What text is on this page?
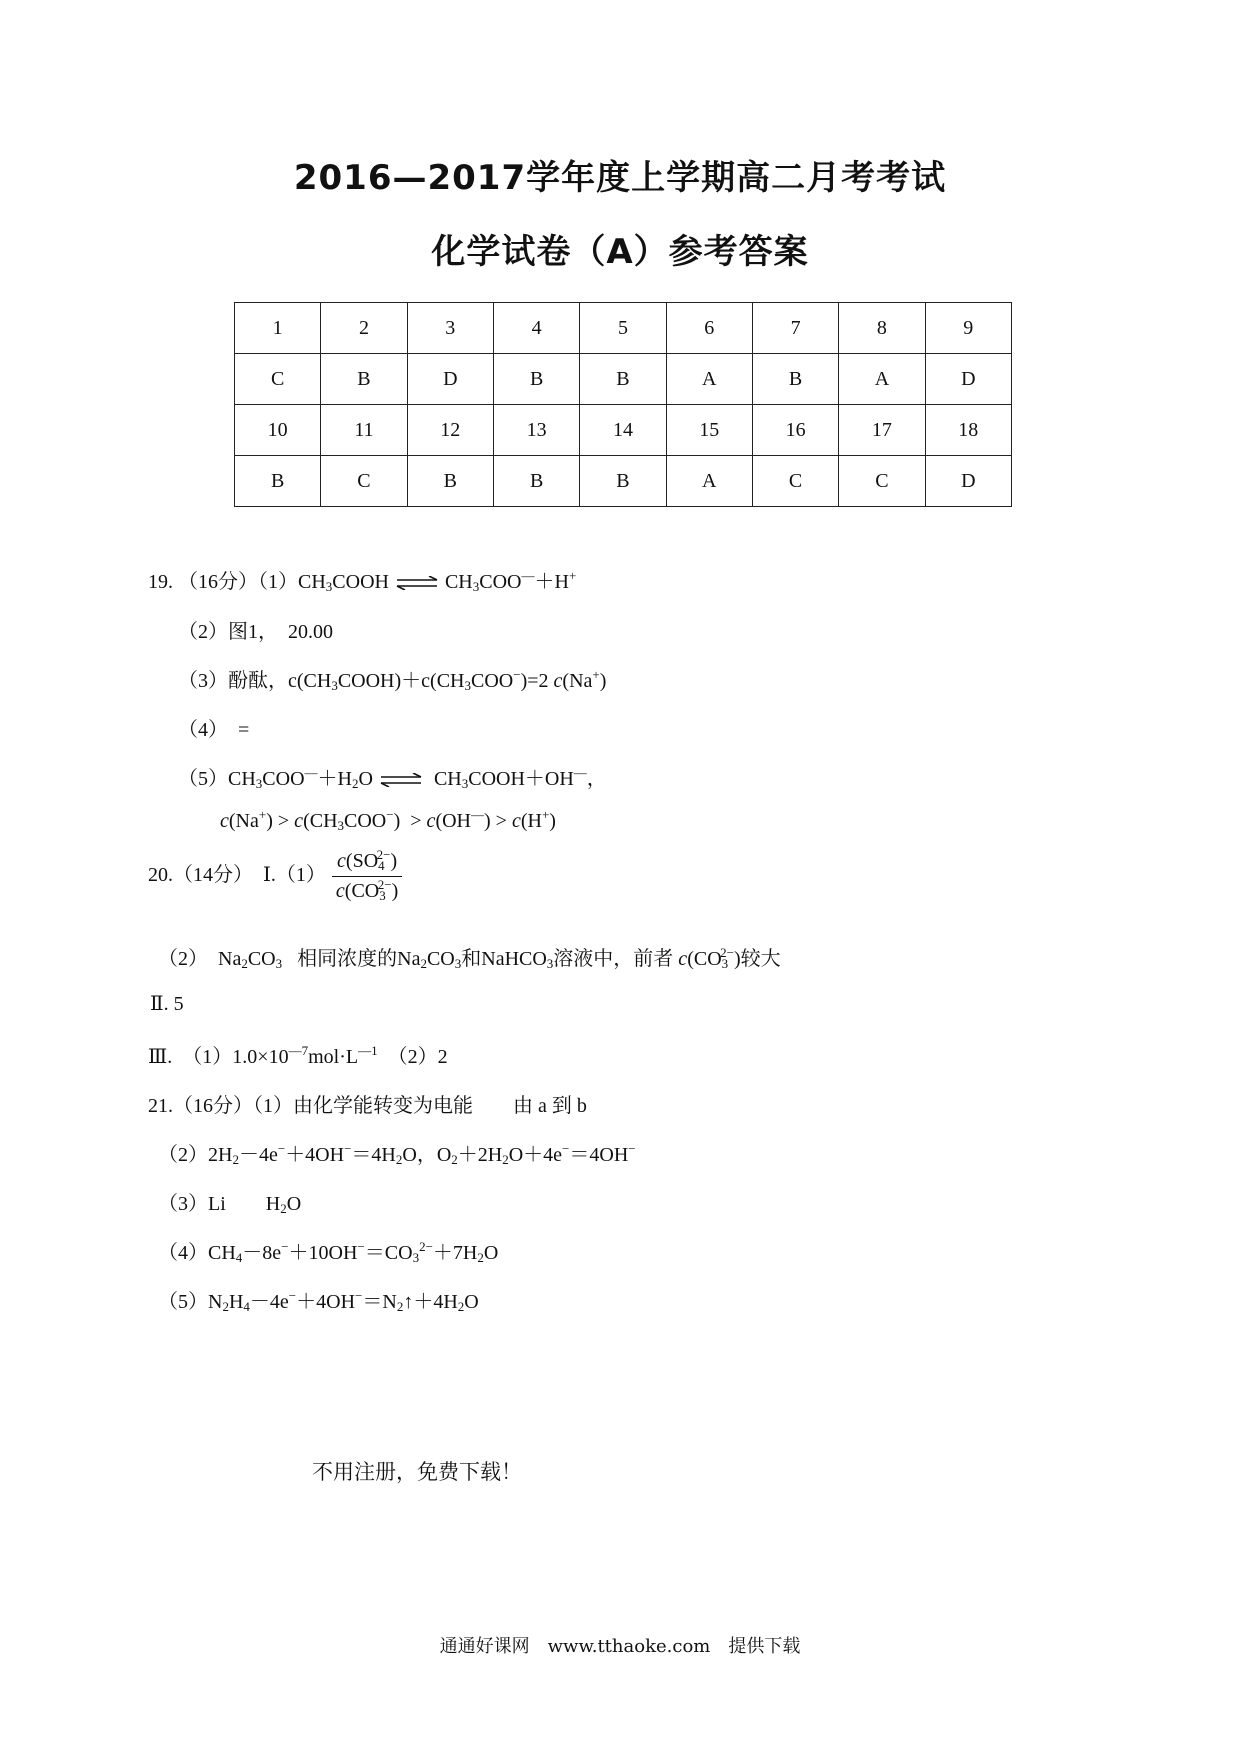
2016—2017学年度上学期高二月考考试
化学试卷（A）参考答案
1	2	3	4	5	6	7	8	9
C	B	D	B	B	A	B	A	D
10	11	12	13	14	15	16	17	18
B	C	B	B	B	A	C	C	D
19. （16分）$(1)CH_3COOH$ ⇌ $CH_3COO^—+H^+$
（2）图1，　20.00
（3）酚酞，$c(CH_3COOH)+c(CH_3COO^-)=2$ c(Na+)
（4）　=
$(5)CH_3COO^—+H_2O$ ⇌ $CH_3COOH+OH^—$，
$c(Na^+) > c(CH_3COO^-) > c(OH^—) > c(H^+)$
20.（14分）　Ⅰ.（1） $\frac{c(SO_4^{2-})}{c(CO_3^{2-})}$
（2）　$Na_2CO_3$ 相同浓度的$Na_2CO_3$和NaHCO$_3$溶液中，前者 $c(CO_3^{2-})$较大
Ⅱ. 5
Ⅲ.　$(1)1.0\times 10^{—7}mol\cdot L^{—1}$　（2）2
21.（16分）（1）由化学能转变为电能　　由 a 到 b
$(2)2H_2-4e^-+4OH^-=4H_2O$，$O_2+2H_2O+4e^-=4OH^-$
（3）Li　　$H_2O$
$(4)CH_4-8e^-+10OH^-=CO_3^{2-}+7H_2O$
$(5)N_2H_4-4e^-+4OH^-=N_2↑+4H_2O$
不用注册，免费下载！
通通好课网　www.tthaoke.com　提供下载
